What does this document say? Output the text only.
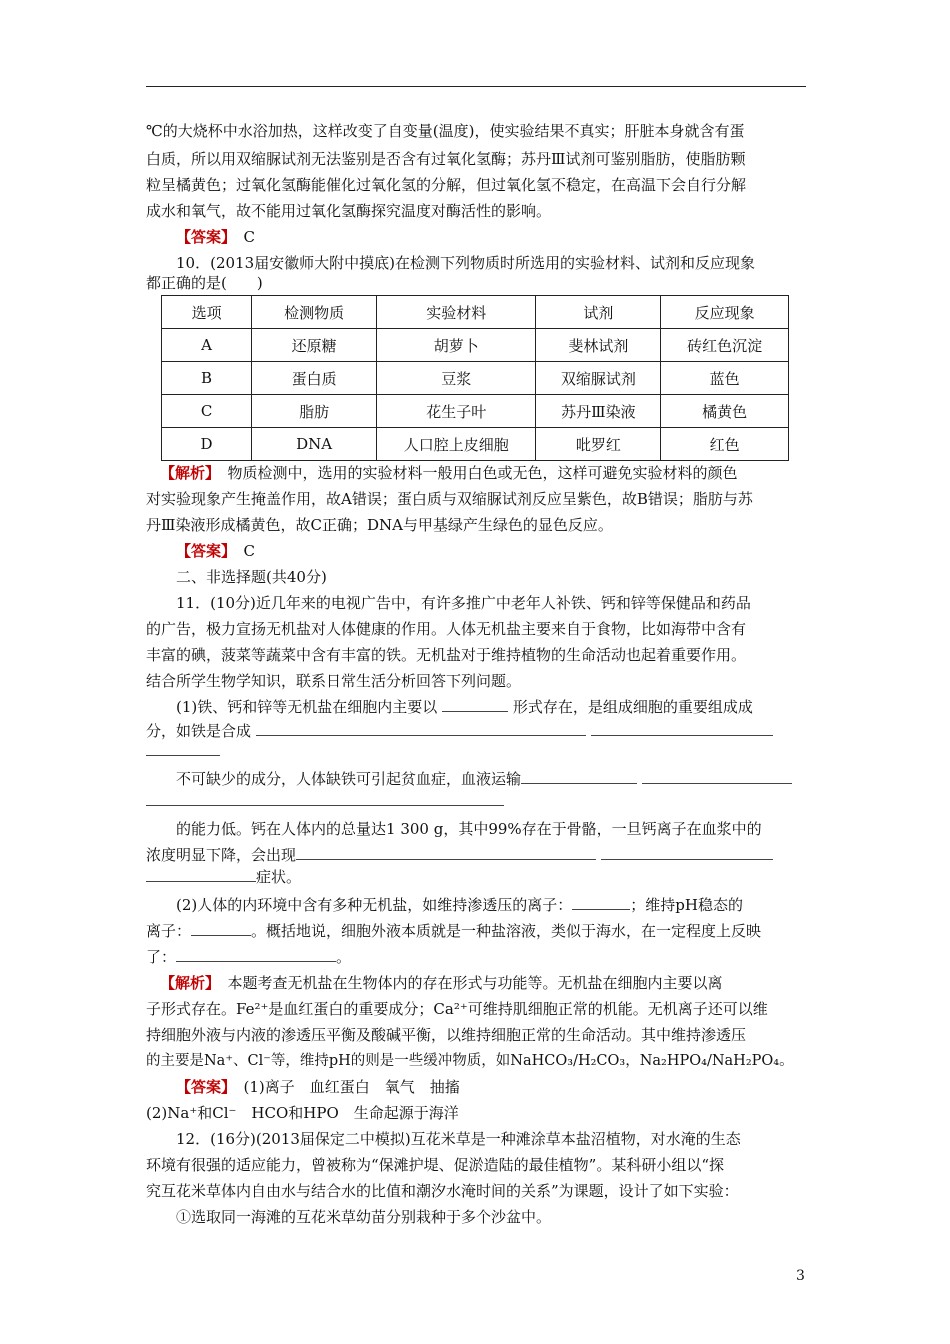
℃的大烧杯中水浴加热，这样改变了自变量(温度)，使实验结果不真实；肝脏本身就含有蛋
白质，所以用双缩脲试剂无法鉴别是否含有过氧化氢酶；苏丹Ⅲ试剂可鉴别脂肪，使脂肪颗
粒呈橘黄色；过氧化氢酶能催化过氧化氢的分解，但过氧化氢不稳定，在高温下会自行分解
成水和氧气，故不能用过氧化氢酶探究温度对酶活性的影响。
【答案】　 C
10．(2013届安徽师大附中摸底)在检测下列物质时所选用的实验材料、试剂和反应现象
都正确的是(　　)
选项	检测物质	实验材料	试剂	反应现象
A	还原糖	胡萝卜	斐林试剂	砖红色沉淀
B	蛋白质	豆浆	双缩脲试剂	蓝色
C	脂肪	花生子叶	苏丹Ⅲ染液	橘黄色
D	DNA	人口腔上皮细胞	吡罗红	红色
【解析】　 物质检测中，选用的实验材料一般用白色或无色，这样可避免实验材料的颜色
对实验现象产生掩盖作用，故A错误；蛋白质与双缩脲试剂反应呈紫色，故B错误；脂肪与苏
丹Ⅲ染液形成橘黄色，故C正确；DNA与甲基绿产生绿色的显色反应。
【答案】　 C
二、非选择题(共40分)
11．(10分)近几年来的电视广告中，有许多推广中老年人补铁、钙和锌等保健品和药品
的广告，极力宣扬无机盐对人体健康的作用。人体无机盐主要来自于食物，比如海带中含有
丰富的碘，菠菜等蔬菜中含有丰富的铁。无机盐对于维持植物的生命活动也起着重要作用。
结合所学生物学知识，联系日常生活分析回答下列问题。
(1)铁、钙和锌等无机盐在细胞内主要以	形式存在，是组成细胞的重要组成成
分，如铁是合成
不可缺少的成分，人体缺铁可引起贫血症，血液运输
的能力低。钙在人体内的总量达1 300 g，其中99%存在于骨骼，一旦钙离子在血浆中的
浓度明显下降，会出现
症状。
(2)人体的内环境中含有多种无机盐，如维持渗透压的离子：	；维持pH稳态的
离子：	。概括地说，细胞外液本质就是一种盐溶液，类似于海水，在一定程度上反映
了：	。
【解析】　 本题考查无机盐在生物体内的存在形式与功能等。无机盐在细胞内主要以离
子形式存在。Fe²⁺是血红蛋白的重要成分；Ca²⁺可维持肌细胞正常的机能。无机离子还可以维
持细胞外液与内液的渗透压平衡及酸碱平衡，以维持细胞正常的生命活动。其中维持渗透压
的主要是Na⁺、Cl⁻等，维持pH的则是一些缓冲物质，如NaHCO₃/H₂CO₃，Na₂HPO₄/NaH₂PO₄。
【答案】　 (1)离子　血红蛋白　氧气　抽搐
(2)Na⁺和Cl⁻　HCO和HPO　生命起源于海洋
12．(16分)(2013届保定二中模拟)互花米草是一种滩涂草本盐沼植物，对水淹的生态
环境有很强的适应能力，曾被称为“保滩护堤、促淤造陆的最佳植物”。某科研小组以“探
究互花米草体内自由水与结合水的比值和潮汐水淹时间的关系”为课题，设计了如下实验：
①选取同一海滩的互花米草幼苗分别栽种于多个沙盆中。
3
